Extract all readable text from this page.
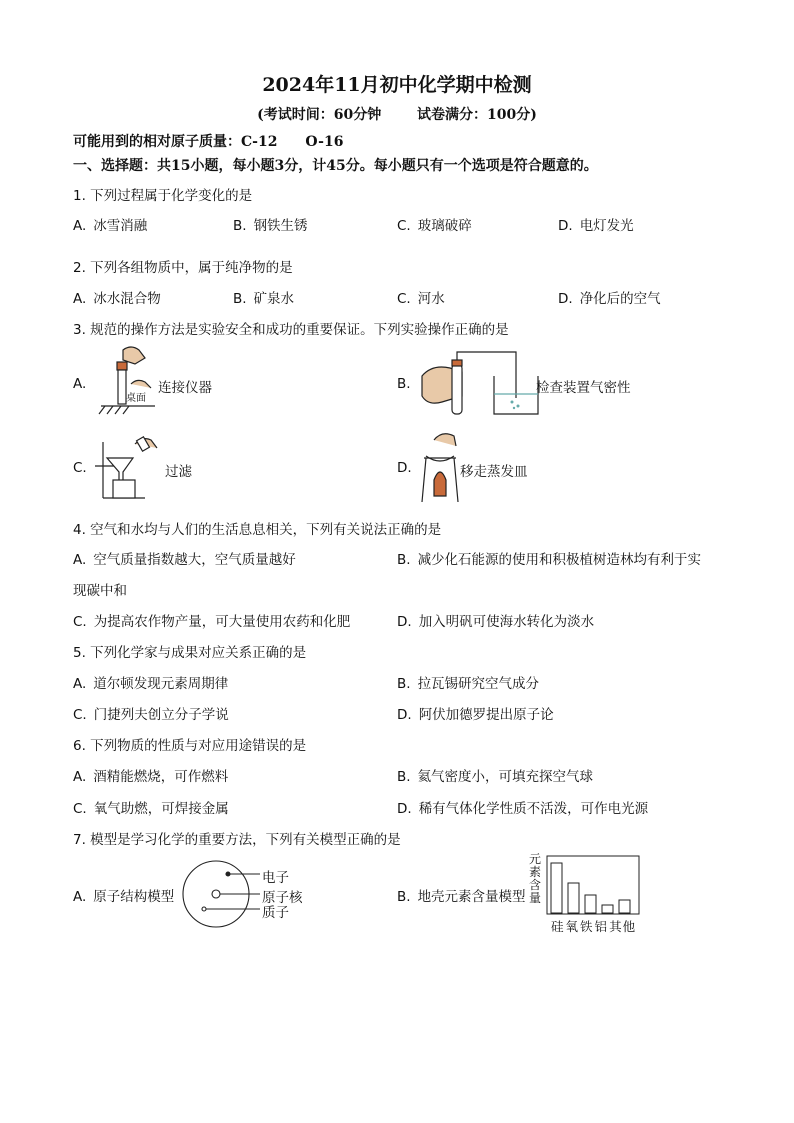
2024年11月初中化学期中检测
(考试时间：60分钟	试卷满分：100分)
可能用到的相对原子质量：C-12　　O-16
一、选择题：共15小题，每小题3分，计45分。每小题只有一个选项是符合题意的。
1. 下列过程属于化学变化的是
A. 冰雪消融	B. 钢铁生锈	C. 玻璃破碎	D. 电灯发光
2. 下列各组物质中，属于纯净物的是
A. 冰水混合物	B. 矿泉水	C. 河水	D. 净化后的空气
3. 规范的操作方法是实验安全和成功的重要保证。下列实验操作正确的是
A.
桌面
连接仪器	B.	检查装置气密性
C.	过滤	D.	移走蒸发皿
4. 空气和水均与人们的生活息息相关，下列有关说法正确的是
A. 空气质量指数越大，空气质量越好	B. 减少化石能源的使用和积极植树造林均有利于实
现碳中和
C. 为提高农作物产量，可大量使用农药和化肥	D. 加入明矾可使海水转化为淡水
5. 下列化学家与成果对应关系正确的是
A. 道尔顿发现元素周期律	B. 拉瓦锡研究空气成分
C. 门捷列夫创立分子学说	D. 阿伏加德罗提出原子论
6. 下列物质的性质与对应用途错误的是
A. 酒精能燃烧，可作燃料	B. 氦气密度小，可填充探空气球
C. 氧气助燃，可焊接金属	D. 稀有气体化学性质不活泼，可作电光源
7. 模型是学习化学的重要方法，下列有关模型正确的是
A. 原子结构模型
电子
原子核
质子
B. 地壳元素含量模型
元素含量
硅氧铁铝其他
